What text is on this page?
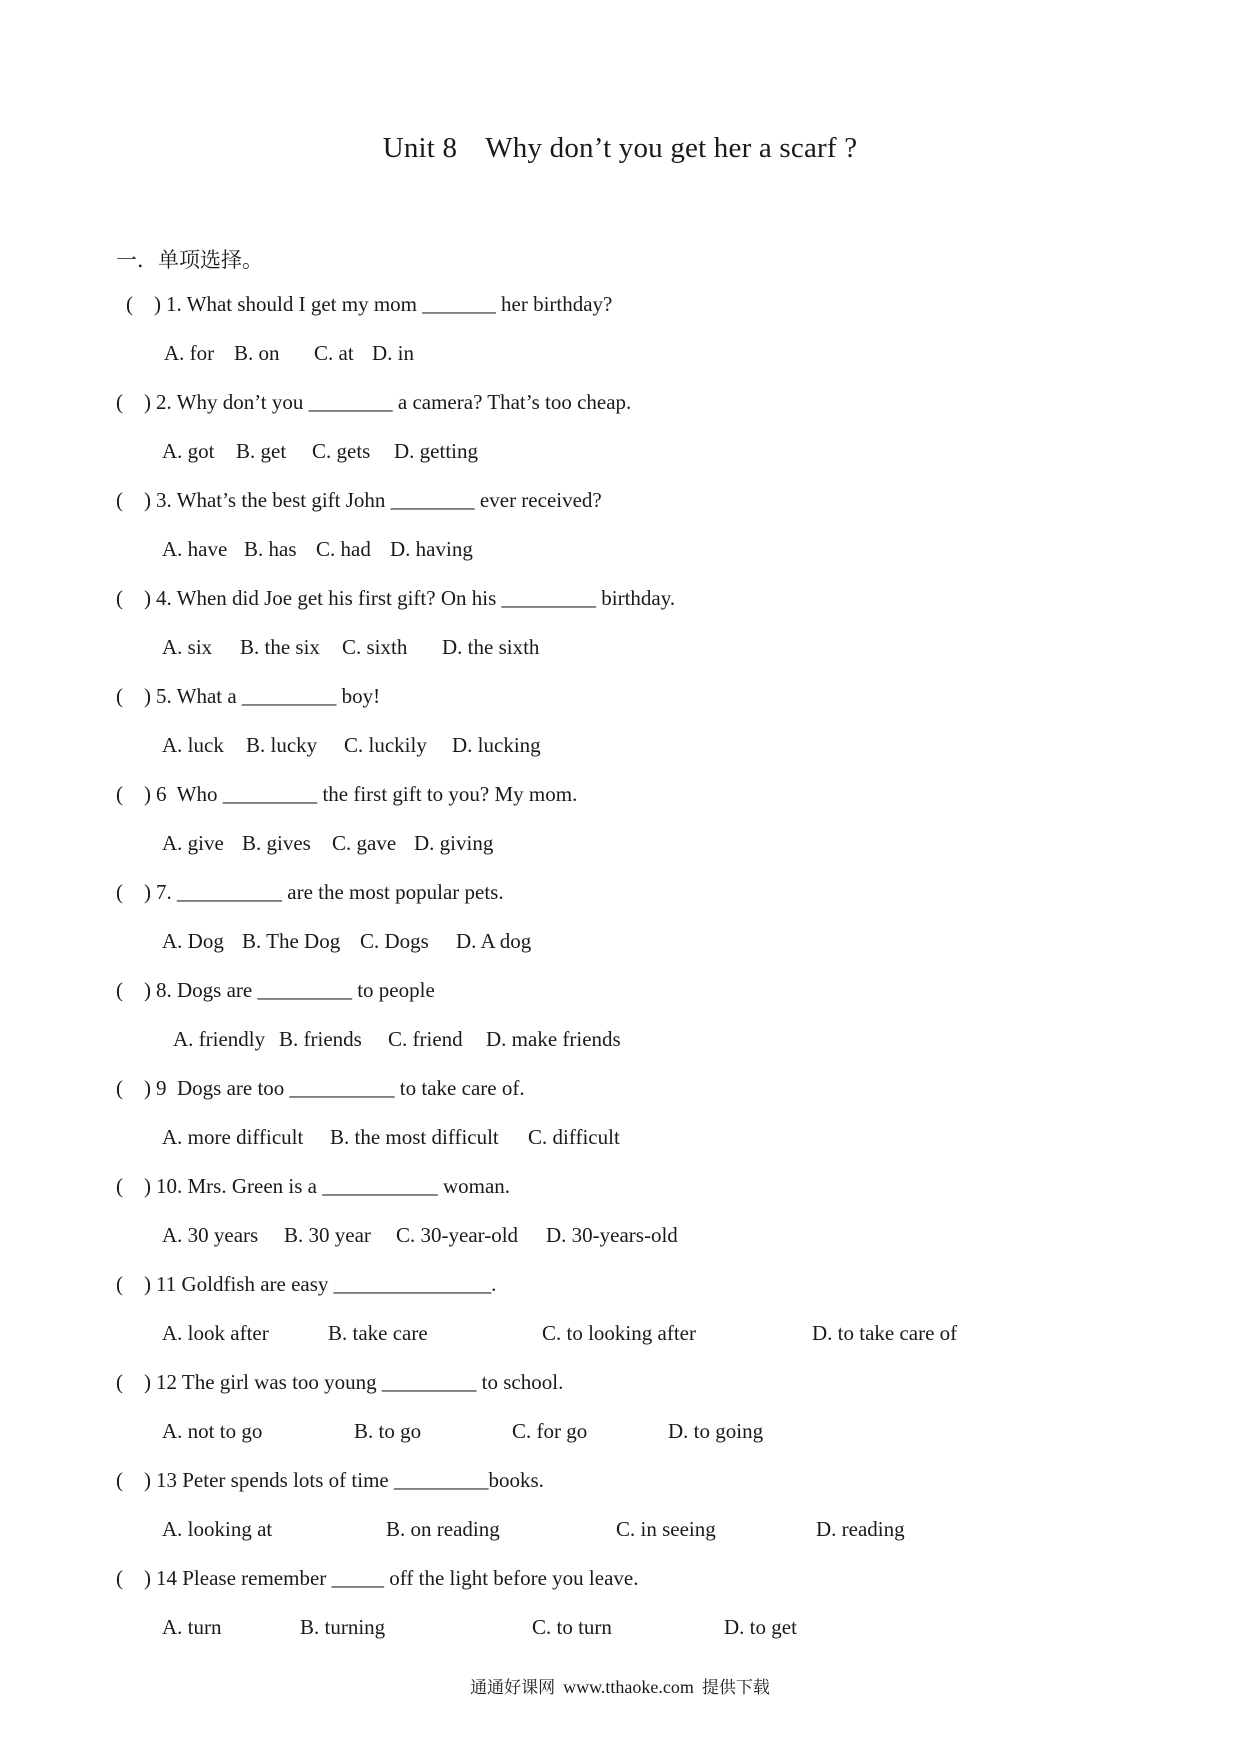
Unit 8 Why don’t you get her a scarf ?
一．单项选择。
(    ) 1. What should I get my mom _______ her birthday?
A. for B. on C. at D. in
(    ) 2. Why don’t you ________ a camera? That’s too cheap.
A. got B. get C. gets D. getting
(    ) 3. What’s the best gift John ________ ever received?
A. have B. has C. had D. having
(    ) 4. When did Joe get his first gift? On his _________ birthday.
A. six B. the six C. sixth D. the sixth
(    ) 5. What a _________ boy!
A. luck B. lucky C. luckily D. lucking
(    ) 6  Who _________ the first gift to you? My mom.
A. give B. gives C. gave D. giving
(    ) 7. __________ are the most popular pets.
A. Dog B. The Dog C. Dogs D. A dog
(    ) 8. Dogs are _________ to people
A. friendly B. friends C. friend D. make friends
(    ) 9  Dogs are too __________ to take care of.
A. more difficult B. the most difficult C. difficult
(    ) 10. Mrs. Green is a ___________ woman.
A. 30 years B. 30 year C. 30-year-old D. 30-years-old
(    ) 11 Goldfish are easy _______________.
A. look after	B. take care	C. to looking after	D. to take care of
(    ) 12 The girl was too young _________ to school.
A. not to go	B. to go	C. for go	D. to going
(    ) 13 Peter spends lots of time _________books.
A. looking at	B. on reading	C. in seeing	D. reading
(    ) 14 Please remember _____ off the light before you leave.
A. turn	B. turning	C. to turn	D. to get
通通好课网 www.tthaoke.com 提供下载
